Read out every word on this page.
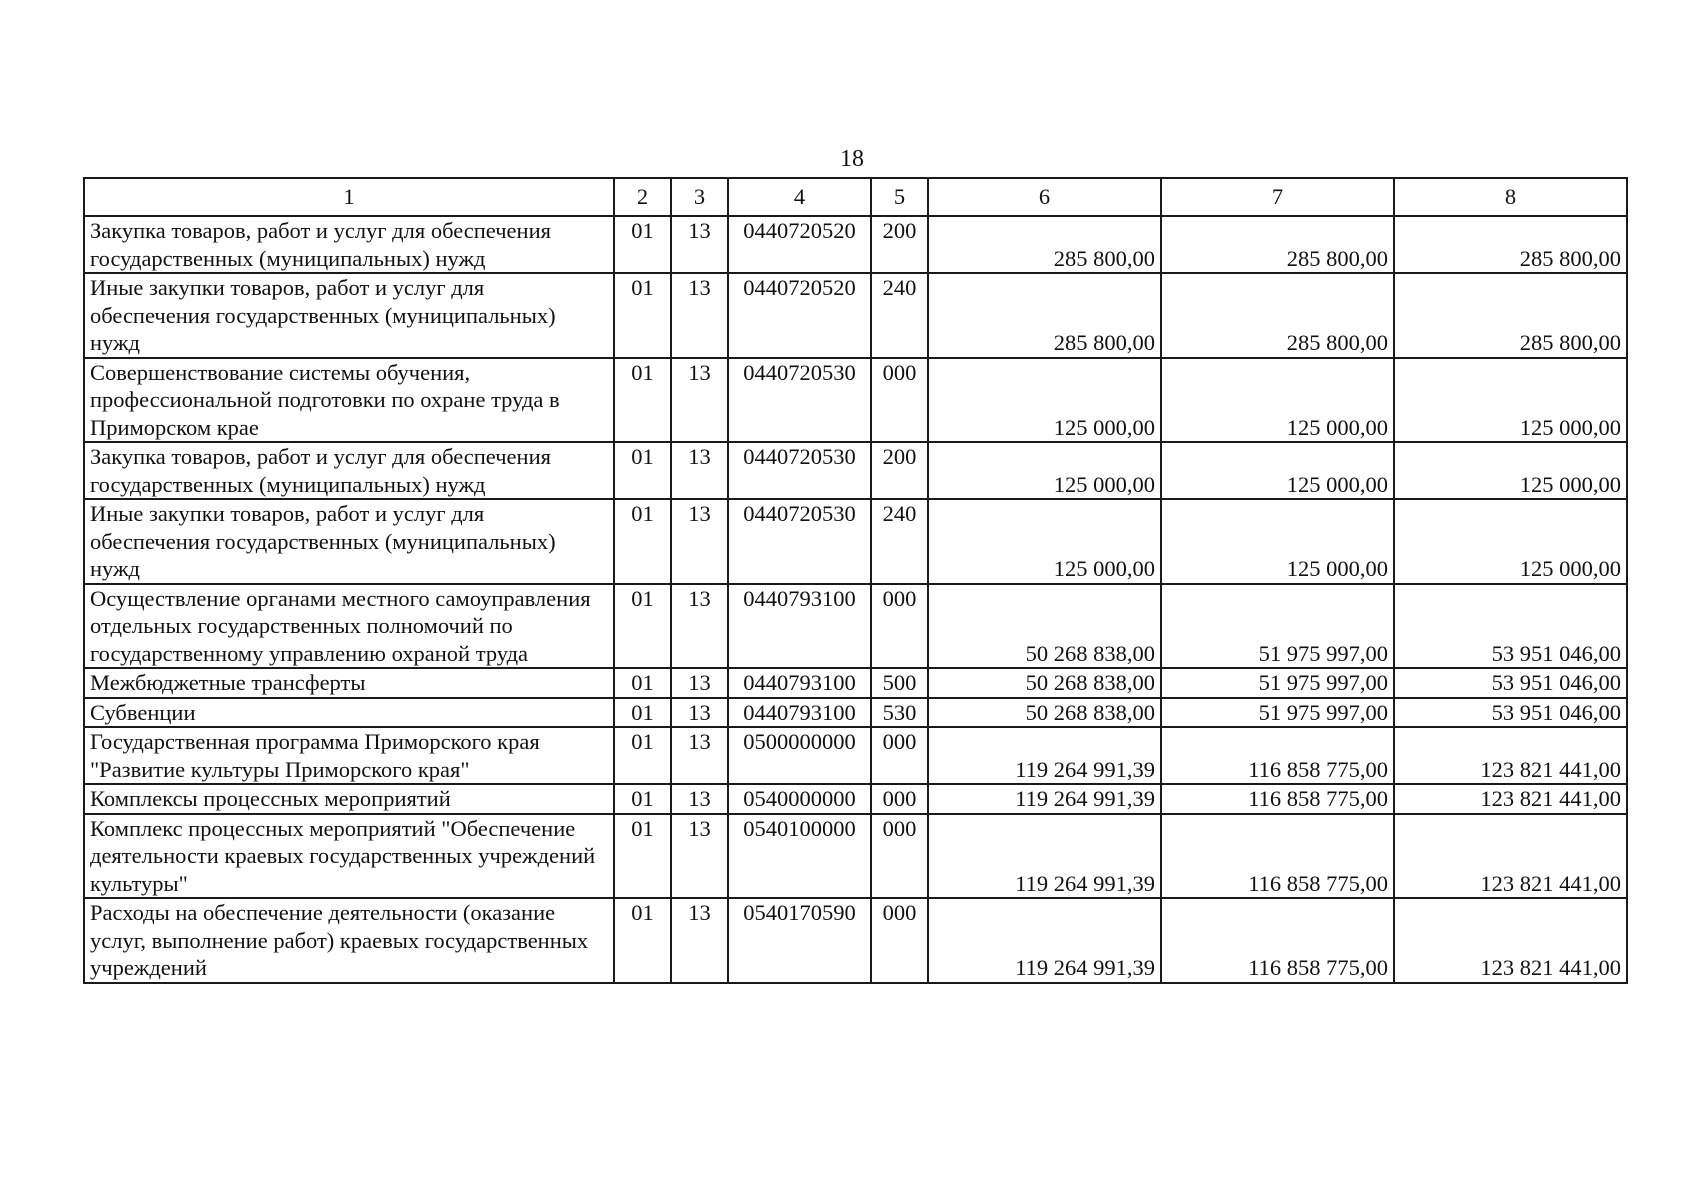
18
1	2	3	4	5	6	7	8
Закупка товаров, работ и услуг для обеспечения государственных (муниципальных) нужд	01	13	0440720520	200	285 800,00	285 800,00	285 800,00
Иные закупки товаров, работ и услуг для обеспечения государственных (муниципальных) нужд	01	13	0440720520	240	285 800,00	285 800,00	285 800,00
Совершенствование системы обучения, профессиональной подготовки по охране труда в Приморском крае	01	13	0440720530	000	125 000,00	125 000,00	125 000,00
Закупка товаров, работ и услуг для обеспечения государственных (муниципальных) нужд	01	13	0440720530	200	125 000,00	125 000,00	125 000,00
Иные закупки товаров, работ и услуг для обеспечения государственных (муниципальных) нужд	01	13	0440720530	240	125 000,00	125 000,00	125 000,00
Осуществление органами местного самоуправления отдельных государственных полномочий по государственному управлению охраной труда	01	13	0440793100	000	50 268 838,00	51 975 997,00	53 951 046,00
Межбюджетные трансферты	01	13	0440793100	500	50 268 838,00	51 975 997,00	53 951 046,00
Субвенции	01	13	0440793100	530	50 268 838,00	51 975 997,00	53 951 046,00
Государственная программа Приморского края "Развитие культуры Приморского края"	01	13	0500000000	000	119 264 991,39	116 858 775,00	123 821 441,00
Комплексы процессных мероприятий	01	13	0540000000	000	119 264 991,39	116 858 775,00	123 821 441,00
Комплекс процессных мероприятий "Обеспечение деятельности краевых государственных учреждений культуры"	01	13	0540100000	000	119 264 991,39	116 858 775,00	123 821 441,00
Расходы на обеспечение деятельности (оказание услуг, выполнение работ) краевых государственных учреждений	01	13	0540170590	000	119 264 991,39	116 858 775,00	123 821 441,00
